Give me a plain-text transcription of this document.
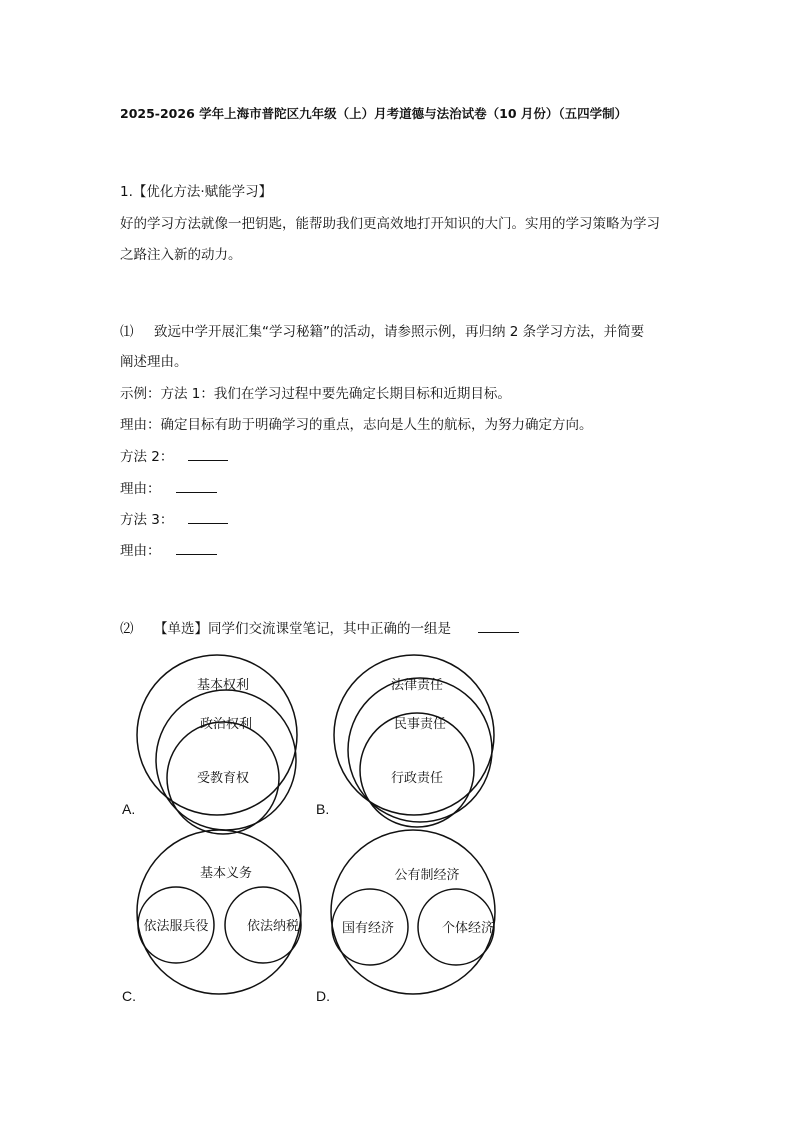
2025-2026 学年上海市普陀区九年级（上）月考道德与法治试卷（10 月份）（五四学制）
1.【优化方法·赋能学习】
好的学习方法就像一把钥匙，能帮助我们更高效地打开知识的大门。实用的学习策略为学习
之路注入新的动力。
⑴ 致远中学开展汇集“学习秘籍”的活动，请参照示例，再归纳 2 条学习方法，并简要
阐述理由。
示例：方法 1：我们在学习过程中要先确定长期目标和近期目标。
理由：确定目标有助于明确学习的重点，志向是人生的航标，为努力确定方向。
方法 2：
理由：
方法 3：
理由：
⑵ 【单选】同学们交流课堂笔记，其中正确的一组是
基本权利
政治权利
受教育权
法律责任
民事责任
行政责任
基本义务
依法服兵役	依法纳税
公有制经济
国有经济	个体经济
A.	B.
C.	D.
